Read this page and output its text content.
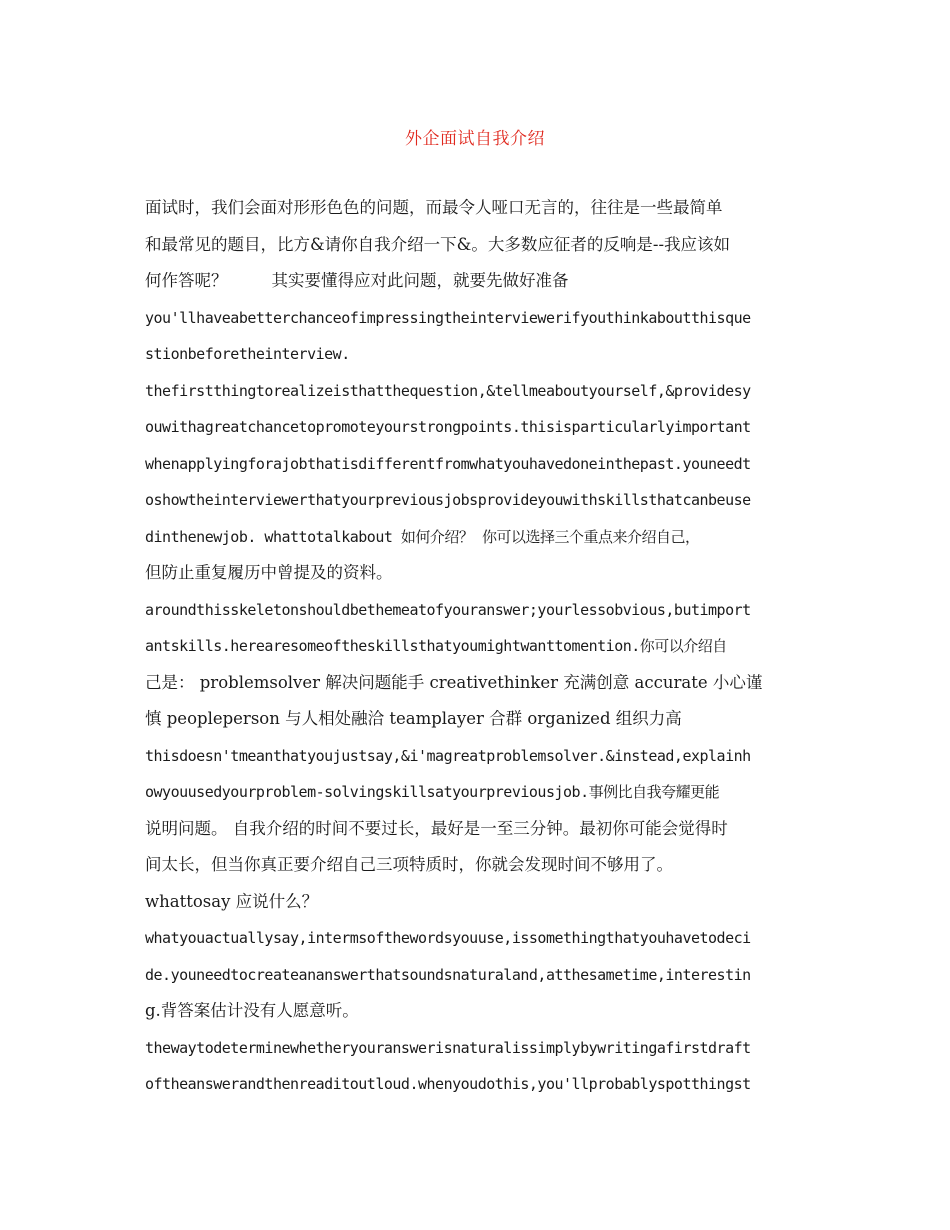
外企面试自我介绍
面试时，我们会面对形形色色的问题，而最令人哑口无言的，往往是一些最简单
和最常见的题目，比方&请你自我介绍一下&。大多数应征者的反响是--我应该如
何作答呢？	其实要懂得应对此问题，就要先做好准备
you'llhaveabetterchanceofimpressingtheinterviewerifyouthinkaboutthisque
stionbeforetheinterview.
thefirstthingtorealizeisthatthequestion,&tellmeaboutyourself,&providesy
ouwithagreatchancetopromoteyourstrongpoints.thisisparticularlyimportant
whenapplyingforajobthatisdifferentfromwhatyouhavedoneinthepast.youneedt
oshowtheinterviewerthatyourpreviousjobsprovideyouwithskillsthatcanbeuse
dinthenewjob. whattotalkabout 如何介绍？ 你可以选择三个重点来介绍自己，
但防止重复履历中曾提及的资料。
aroundthisskeletonshouldbethemeatofyouranswer;yourlessobvious,butimport
antskills.herearesomeoftheskillsthatyoumightwanttomention.你可以介绍自
己是： problemsolver 解决问题能手 creativethinker 充满创意 accurate 小心谨
慎 peopleperson 与人相处融洽 teamplayer 合群 organized 组织力高
thisdoesn'tmeanthatyoujustsay,&i'magreatproblemsolver.&instead,explainh
owyouusedyourproblem-solvingskillsatyourpreviousjob.事例比自我夸耀更能
说明问题。 自我介绍的时间不要过长，最好是一至三分钟。最初你可能会觉得时
间太长，但当你真正要介绍自己三项特质时，你就会发现时间不够用了。
whattosay 应说什么？
whatyouactuallysay,intermsofthewordsyouuse,issomethingthatyouhavetodeci
de.youneedtocreateananswerthatsoundsnaturaland,atthesametime,interestin
g.背答案估计没有人愿意听。
thewaytodeterminewhetheryouranswerisnaturalissimplybywritingafirstdraft
oftheanswerandthenreaditoutloud.whenyoudothis,you'llprobablyspotthingst
